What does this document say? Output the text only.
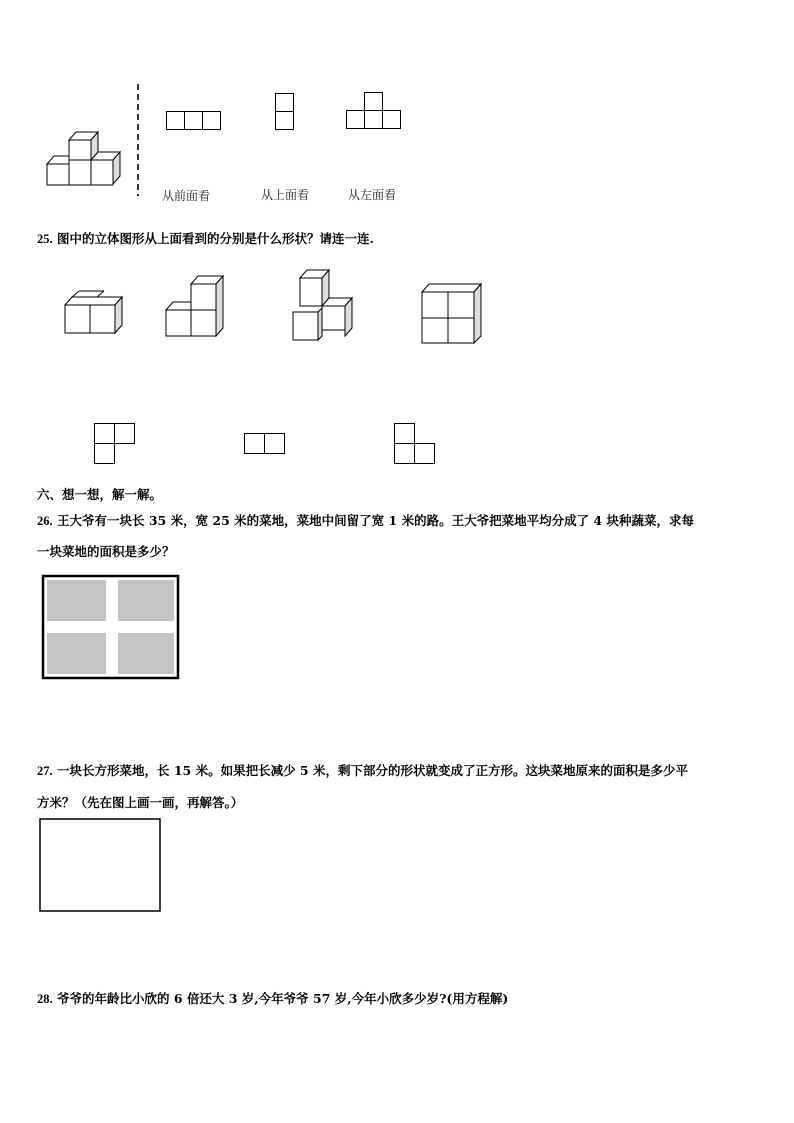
从前面看	从上面看	从左面看
25. 图中的立体图形从上面看到的分别是什么形状？请连一连.
六、想一想，解一解。
26. 王大爷有一块长 35 米，宽 25 米的菜地，菜地中间留了宽 1 米的路。王大爷把菜地平均分成了 4 块种蔬菜，求每
一块菜地的面积是多少？
27. 一块长方形菜地，长 15 米。如果把长减少 5 米，剩下部分的形状就变成了正方形。这块菜地原来的面积是多少平
方米？（先在图上画一画，再解答。）
28. 爷爷的年龄比小欣的 6 倍还大 3 岁,今年爷爷 57 岁,今年小欣多少岁?(用方程解)
